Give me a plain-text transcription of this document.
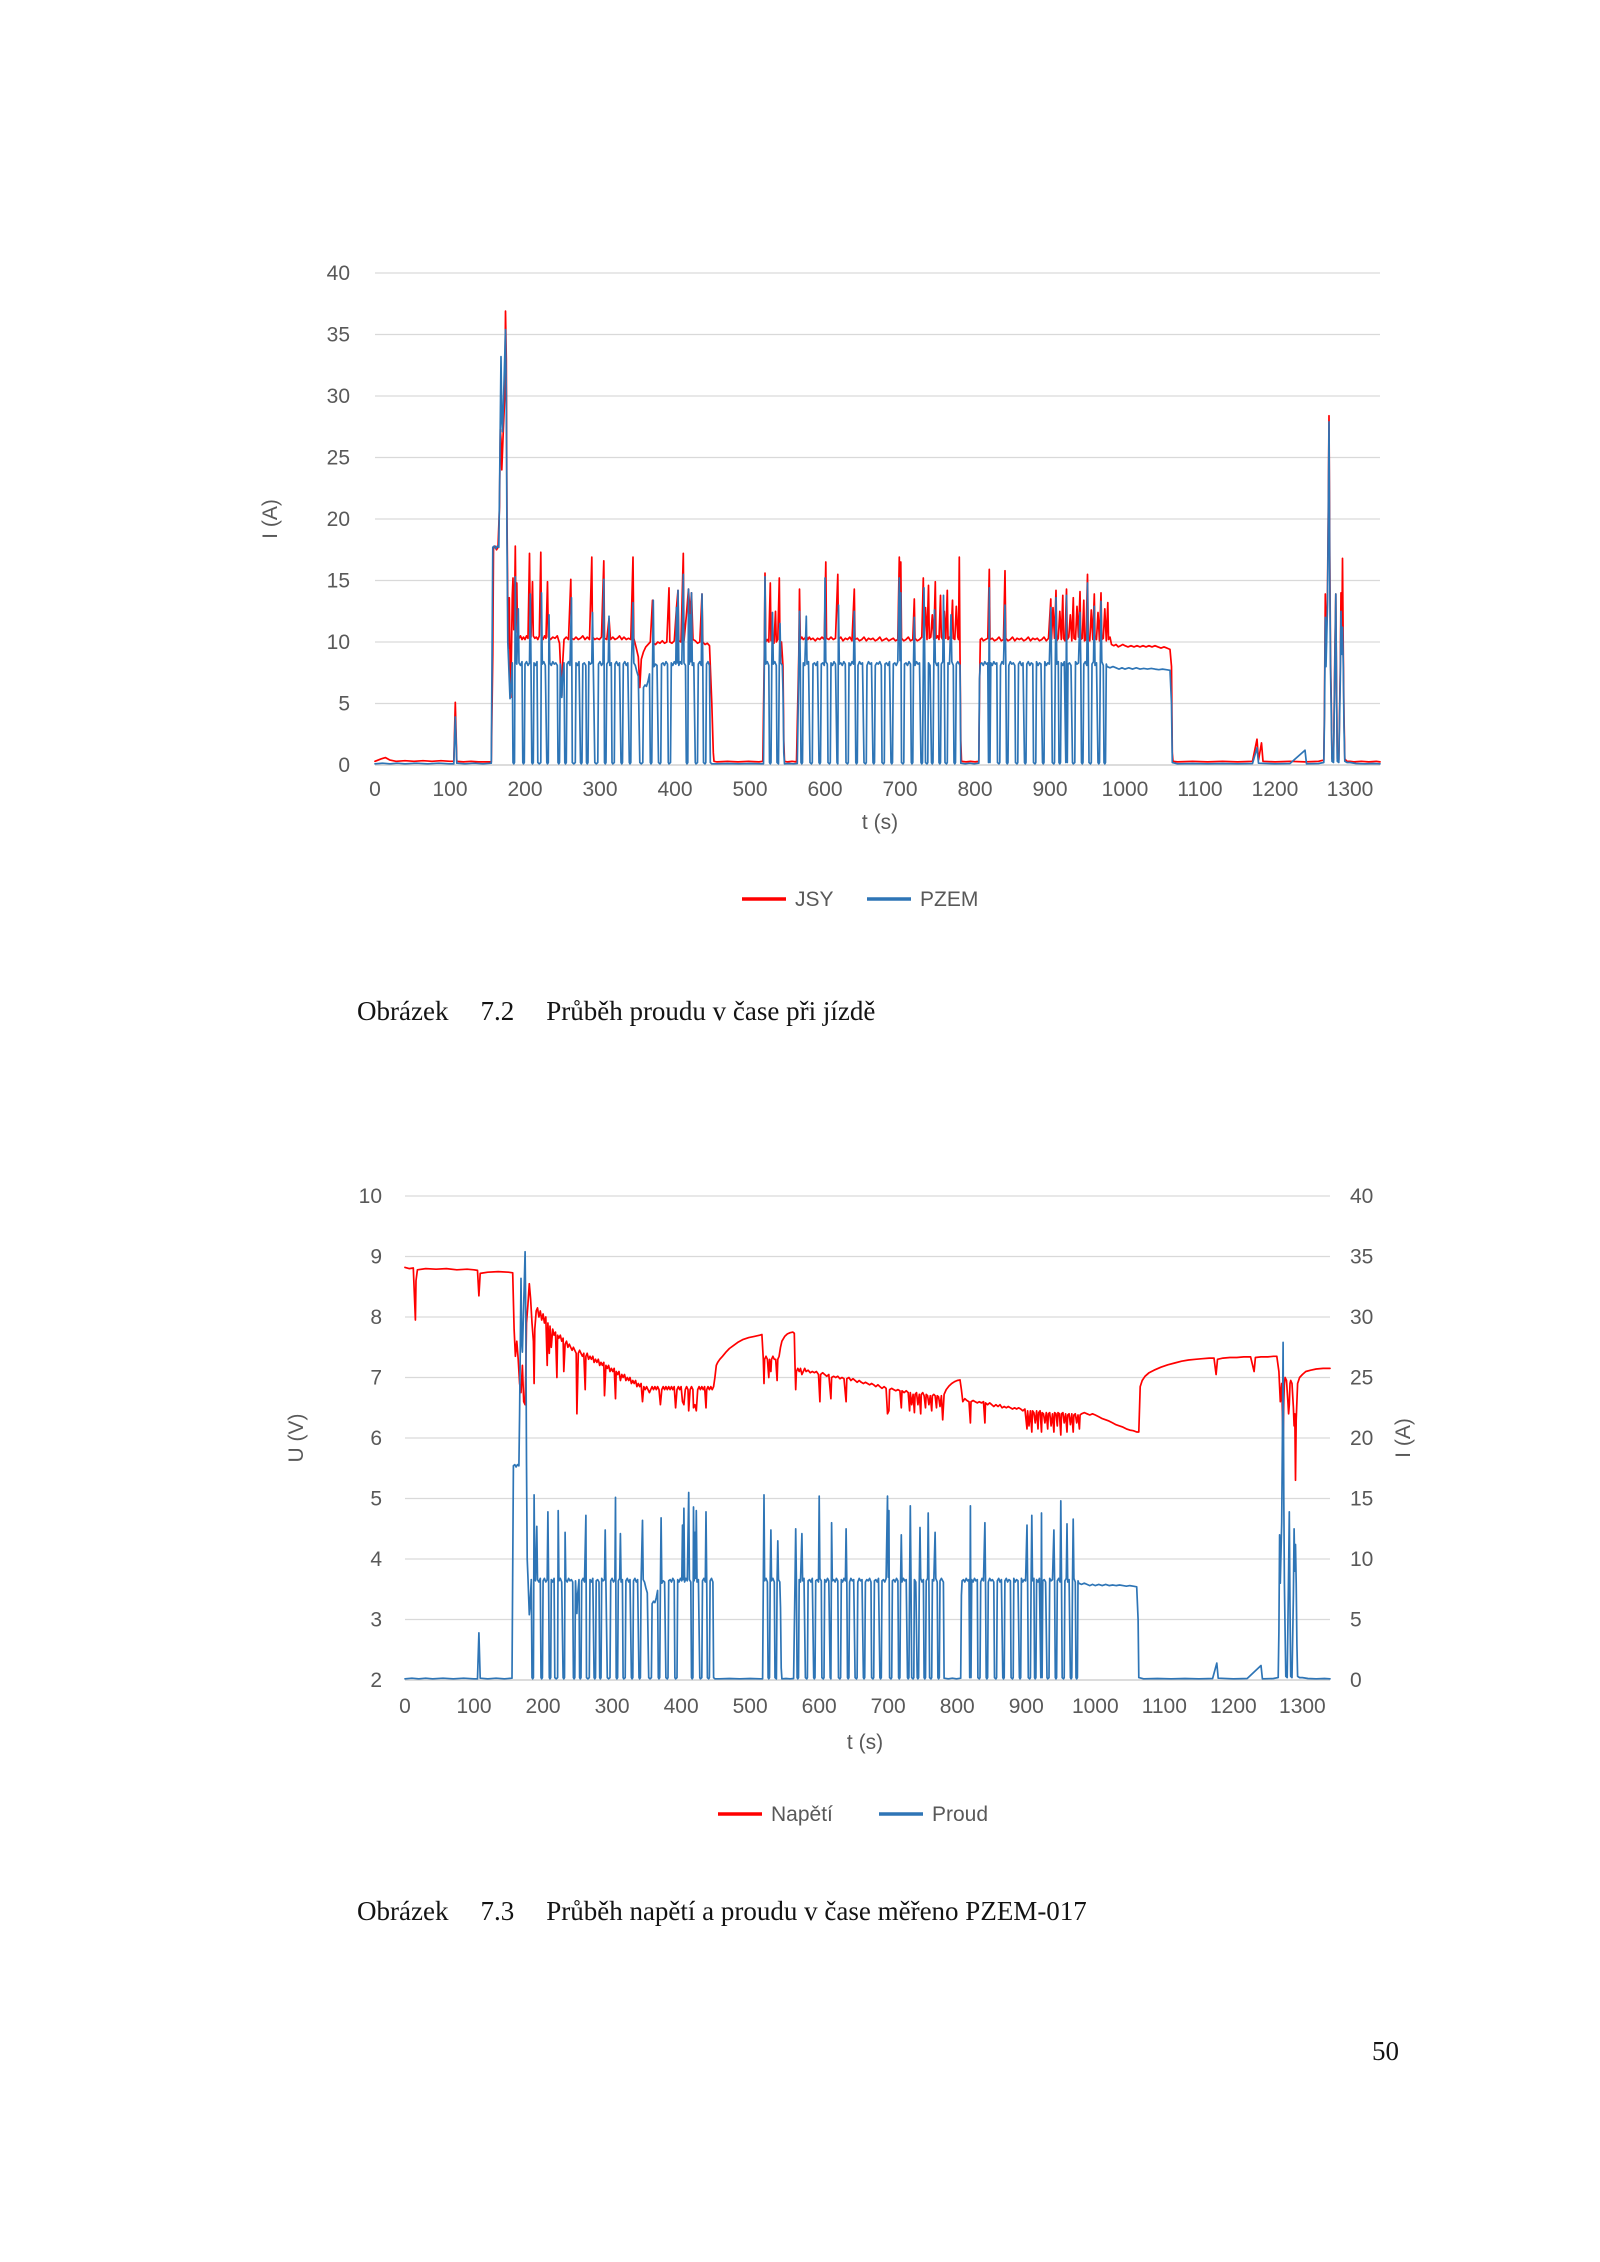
0
5
10
15
20
25
30
35
40
0 100 200 300 400 500 600 700 800 900 1000 1100 1200 1300
t (s)
I (A)
JSY	PZEM
2
3
4
5
6
7
8
9
10
0
5
10
15
20
25
30
35
40
0 100 200 300 400 500 600 700 800 900 1000 1100 1200 1300
t (s)
U (V)	I (A)
Napětí	Proud

Obrázek 7.2 Průběh proudu v čase při jízdě

Obrázek 7.3 Průběh napětí a proudu v čase měřeno PZEM-017

50
